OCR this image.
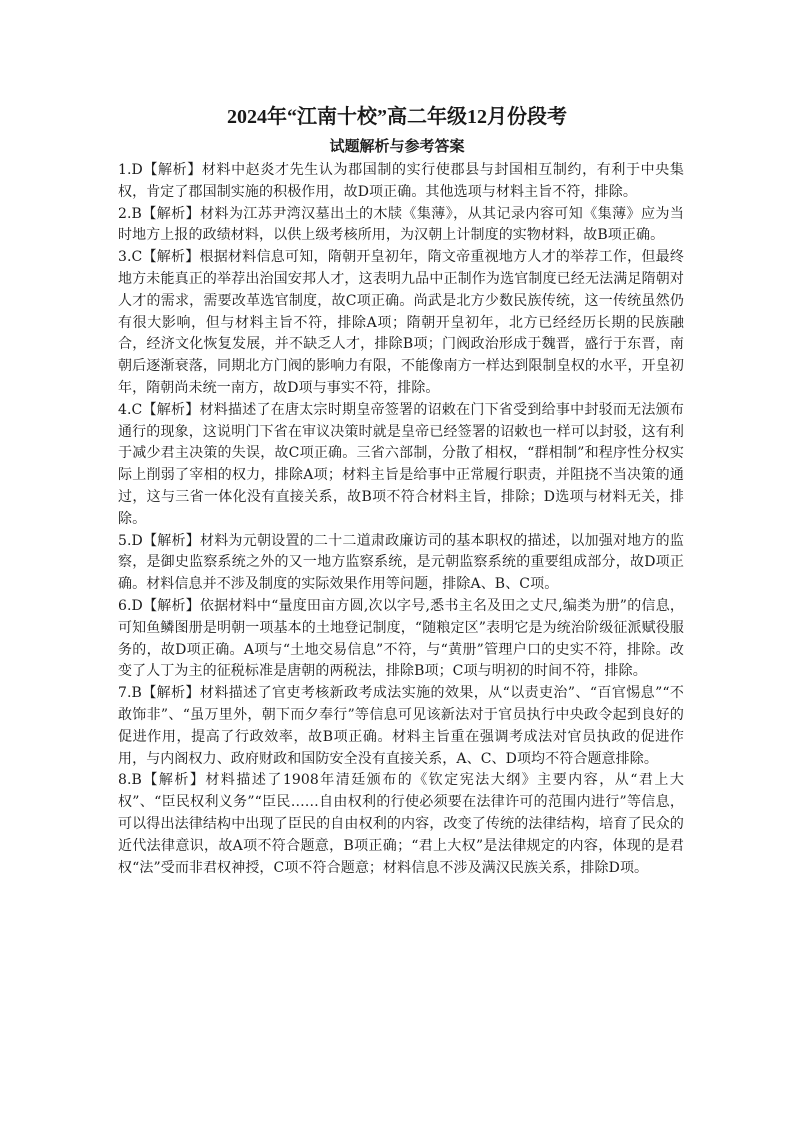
2024年“江南十校”高二年级12月份段考
试题解析与参考答案

1.D【解析】材料中赵炎才先生认为郡国制的实行使郡县与封国相互制约，有利于中央集权，肯定了郡国制实施的积极作用，故D项正确。其他选项与材料主旨不符，排除。

2.B【解析】材料为江苏尹湾汉墓出土的木牍《集薄》，从其记录内容可知《集薄》应为当时地方上报的政绩材料，以供上级考核所用，为汉朝上计制度的实物材料，故B项正确。

3.C【解析】根据材料信息可知，隋朝开皇初年，隋文帝重视地方人才的举荐工作，但最终地方未能真正的举荐出治国安邦人才，这表明九品中正制作为选官制度已经无法满足隋朝对人才的需求，需要改革选官制度，故C项正确。尚武是北方少数民族传统，这一传统虽然仍有很大影响，但与材料主旨不符，排除A项；隋朝开皇初年，北方已经经历长期的民族融合，经济文化恢复发展，并不缺乏人才，排除B项；门阀政治形成于魏晋，盛行于东晋，南朝后逐渐衰落，同期北方门阀的影响力有限，不能像南方一样达到限制皇权的水平，开皇初年，隋朝尚未统一南方，故D项与事实不符，排除。

4.C【解析】材料描述了在唐太宗时期皇帝签署的诏敕在门下省受到给事中封驳而无法颁布通行的现象，这说明门下省在审议决策时就是皇帝已经签署的诏敕也一样可以封驳，这有利于减少君主决策的失误，故C项正确。三省六部制，分散了相权，“群相制”和程序性分权实际上削弱了宰相的权力，排除A项；材料主旨是给事中正常履行职责，并阻挠不当决策的通过，这与三省一体化没有直接关系，故B项不符合材料主旨，排除；D选项与材料无关，排除。

5.D【解析】材料为元朝设置的二十二道肃政廉访司的基本职权的描述，以加强对地方的监察，是御史监察系统之外的又一地方监察系统，是元朝监察系统的重要组成部分，故D项正确。材料信息并不涉及制度的实际效果作用等问题，排除A、B、C项。

6.D【解析】依据材料中“量度田亩方圆,次以字号,悉书主名及田之丈尺,编类为册”的信息，可知鱼鳞图册是明朝一项基本的土地登记制度，“随粮定区”表明它是为统治阶级征派赋役服务的，故D项正确。A项与“土地交易信息”不符，与“黄册”管理户口的史实不符，排除。改变了人丁为主的征税标准是唐朝的两税法，排除B项；C项与明初的时间不符，排除。

7.B【解析】材料描述了官吏考核新政考成法实施的效果，从“以责吏治”、“百官惕息”“不敢饰非”、“虽万里外，朝下而夕奉行”等信息可见该新法对于官员执行中央政令起到良好的促进作用，提高了行政效率，故B项正确。材料主旨重在强调考成法对官员执政的促进作用，与内阁权力、政府财政和国防安全没有直接关系，A、C、D项均不符合题意排除。

8.B【解析】材料描述了1908年清廷颁布的《钦定宪法大纲》主要内容，从“君上大权”、“臣民权利义务”“臣民……自由权利的行使必须要在法律许可的范围内进行”等信息，可以得出法律结构中出现了臣民的自由权利的内容，改变了传统的法律结构，培育了民众的近代法律意识，故A项不符合题意，B项正确；“君上大权”是法律规定的内容，体现的是君权“法”受而非君权神授，C项不符合题意；材料信息不涉及满汉民族关系，排除D项。
